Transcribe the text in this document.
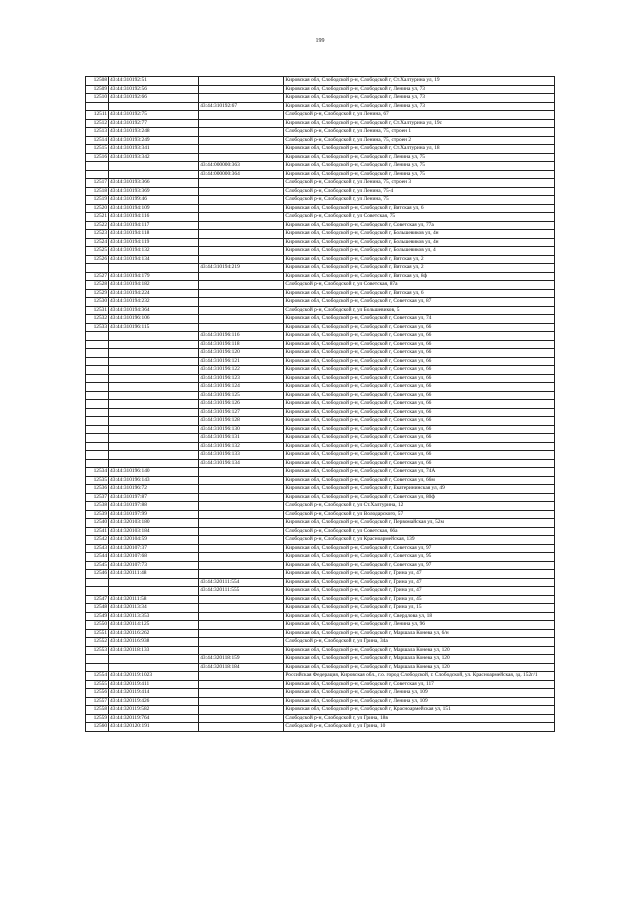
199
12508	43:44:310192:51		Кировская обл, Слободской р-н, Слободской г, Ст.Халтурина ул, 19
12509	43:44:310192:56		Кировская обл, Слободской р-н, Слободской г, Ленина ул, 73
12510	43:44:310192:66		Кировская обл, Слободской р-н, Слободской г, Ленина ул, 73
		43:44:310192:67	Кировская обл, Слободской р-н, Слободской г, Ленина ул, 73
12511	43:44:310192:75		Слободской р-н, Слободской г, ул Ленина, 67
12512	43:44:310192:77		Кировская обл, Слободской р-н, Слободской г, Ст.Халтурина ул, 19с
12513	43:44:310193:248		Слободской р-н, Слободской г, ул Ленина, 75, строен 1
12514	43:44:310193:249		Слободской р-н, Слободской г, ул Ленина, 75, строен 2
12515	43:44:310193:341		Кировская обл, Слободской р-н, Слободской г, Ст.Халтурина ул, 18
12516	43:44:310193:342		Кировская обл, Слободской р-н, Слободской г, Ленина ул, 75
		43:44:000000:363	Кировская обл, Слободской р-н, Слободской г, Ленина ул, 75
		43:44:000000:364	Кировская обл, Слободской р-н, Слободской г, Ленина ул, 75
12517	43:44:310193:366		Слободской р-н, Слободской г, ул Ленина, 75, строен 3
12518	43:44:310193:369		Слободской р-н, Слободской г, ул Ленина, 75-4
12519	43:44:310199:46		Слободской р-н, Слободской г, ул Ленина, 75
12520	43:44:310194:109		Кировская обл, Слободской р-н, Слободской г, Вятская ул, 6
12521	43:44:310194:116		Слободской р-н, Слободской г, ул Советская, 75
12522	43:44:310194:117		Кировская обл, Слободской р-н, Слободской г, Советская ул, 77а
12523	43:44:310194:118		Кировская обл, Слободской р-н, Слободской г, Большевиков ул, 4н
12524	43:44:310194:119		Кировская обл, Слободской р-н, Слободской г, Большевиков ул, 4н
12525	43:44:310194:132		Кировская обл, Слободской р-н, Слободской г, Большевиков ул, 4
12526	43:44:310194:134		Кировская обл, Слободской р-н, Слободской г, Вятская ул, 2
		43:44:310194:219	Кировская обл, Слободской р-н, Слободской г, Вятская ул, 2
12527	43:44:310194:179		Кировская обл, Слободской р-н, Слободской г, Вятская ул, 8ф
12528	43:44:310194:182		Слободской р-н, Слободской г, ул Советская, 87а
12529	43:44:310194:224		Кировская обл, Слободской р-н, Слободской г, Вятская ул, 6
12530	43:44:310194:232		Кировская обл, Слободской р-н, Слободской г, Советская ул, 87
12531	43:44:310194:364		Слободской р-н, Слободской г, ул Большевиков, 5
12532	43:44:310196:106		Кировская обл, Слободской р-н, Слободской г, Советская ул, 74
12533	43:44:310196:115		Кировская обл, Слободской р-н, Слободской г, Советская ул, 66
		43:44:310196:116	Кировская обл, Слободской р-н, Слободской г, Советская ул, 66
		43:44:310196:118	Кировская обл, Слободской р-н, Слободской г, Советская ул, 66
		43:44:310196:120	Кировская обл, Слободской р-н, Слободской г, Советская ул, 66
		43:44:310196:121	Кировская обл, Слободской р-н, Слободской г, Советская ул, 66
		43:44:310196:122	Кировская обл, Слободской р-н, Слободской г, Советская ул, 66
		43:44:310196:123	Кировская обл, Слободской р-н, Слободской г, Советская ул, 66
		43:44:310196:124	Кировская обл, Слободской р-н, Слободской г, Советская ул, 66
		43:44:310196:125	Кировская обл, Слободской р-н, Слободской г, Советская ул, 66
		43:44:310196:126	Кировская обл, Слободской р-н, Слободской г, Советская ул, 66
		43:44:310196:127	Кировская обл, Слободской р-н, Слободской г, Советская ул, 66
		43:44:310196:128	Кировская обл, Слободской р-н, Слободской г, Советская ул, 66
		43:44:310196:130	Кировская обл, Слободской р-н, Слободской г, Советская ул, 66
		43:44:310196:131	Кировская обл, Слободской р-н, Слободской г, Советская ул, 66
		43:44:310196:132	Кировская обл, Слободской р-н, Слободской г, Советская ул, 66
		43:44:310196:133	Кировская обл, Слободской р-н, Слободской г, Советская ул, 66
		43:44:310196:134	Кировская обл, Слободской р-н, Слободской г, Советская ул, 66
12534	43:44:310196:140		Кировская обл, Слободской р-н, Слободской г, Советская ул, 74А
12535	43:44:310196:143		Кировская обл, Слободской р-н, Слободской г, Советская ул, 66м
12536	43:44:310196:72		Кировская обл, Слободской р-н, Слободской г, Екатерининская ул, 49
12537	43:44:310197:87		Кировская обл, Слободской р-н, Слободской г, Советская ул, 80ф
12538	43:44:310197:88		Слободской р-н, Слободской г, ул Ст.Халтурина, 12
12539	43:44:310197:99		Слободской р-н, Слободской г, ул Володарского, 57
12540	43:44:320103:180		Кировская обл, Слободской р-н, Слободской г, Первомайская ул, 52м
12541	43:44:320103:184		Слободской р-н, Слободской г, ул Советская, 66а
12542	43:44:320104:59		Слободской р-н, Слободской г, ул Красноармейская, 139
12543	43:44:320107:37		Кировская обл, Слободской р-н, Слободской г, Советская ул, 97
12544	43:44:320107:68		Кировская обл, Слободской р-н, Слободской г, Советская ул, 95
12545	43:44:320107:73		Кировская обл, Слободской р-н, Слободской г, Советская ул, 97
12546	43:44:320111:48		Кировская обл, Слободской р-н, Слободской г, Грина ул, 47
		43:44:320111:554	Кировская обл, Слободской р-н, Слободской г, Грина ул, 47
		43:44:320111:555	Кировская обл, Слободской р-н, Слободской г, Грина ул, 47
12547	43:44:320111:58		Кировская обл, Слободской р-н, Слободской г, Грина ул, 45
12548	43:44:320113:34		Кировская обл, Слободской р-н, Слободской г, Грина ул, 15
12549	43:44:320113:353		Кировская обл, Слободской р-н, Слободской г, Свердлова ул, 18
12550	43:44:320114:125		Кировская обл, Слободской р-н, Слободской г, Ленина ул, 96
12551	43:44:320116:262		Кировская обл, Слободской р-н, Слободской г, Маршала Конева ул, 6/н
12552	43:44:320116:938		Слободской р-н, Слободской г, ул Грина, 34а
12553	43:44:320118:133		Кировская обл, Слободской р-н, Слободской г, Маршала Конева ул, 120
		43:44:320118:159	Кировская обл, Слободской р-н, Слободской г, Маршала Конева ул, 120
		43:44:320118:184	Кировская обл, Слободской р-н, Слободской г, Маршала Конева ул, 120
12554	43:44:320119:1023		Российская Федерация, Кировская обл., г.о. город Слободской, г. Слободской, ул. Красноармейская, зд. 152г/1
12555	43:44:320119:411		Кировская обл, Слободской р-н, Слободской г, Советская ул, 117
12556	43:44:320119:414		Кировская обл, Слободской р-н, Слободской г, Ленина ул, 109
12557	43:44:320119:426		Кировская обл, Слободской р-н, Слободской г, Ленина ул, 109
12558	43:44:320119:582		Кировская обл, Слободской р-н, Слободской г, Красноармейская ул, 151
12559	43:44:320119:764		Слободской р-н, Слободской г, ул Грина, 18в
12560	43:44:320120:191		Слободской р-н, Слободской г, ул Грина, 10
